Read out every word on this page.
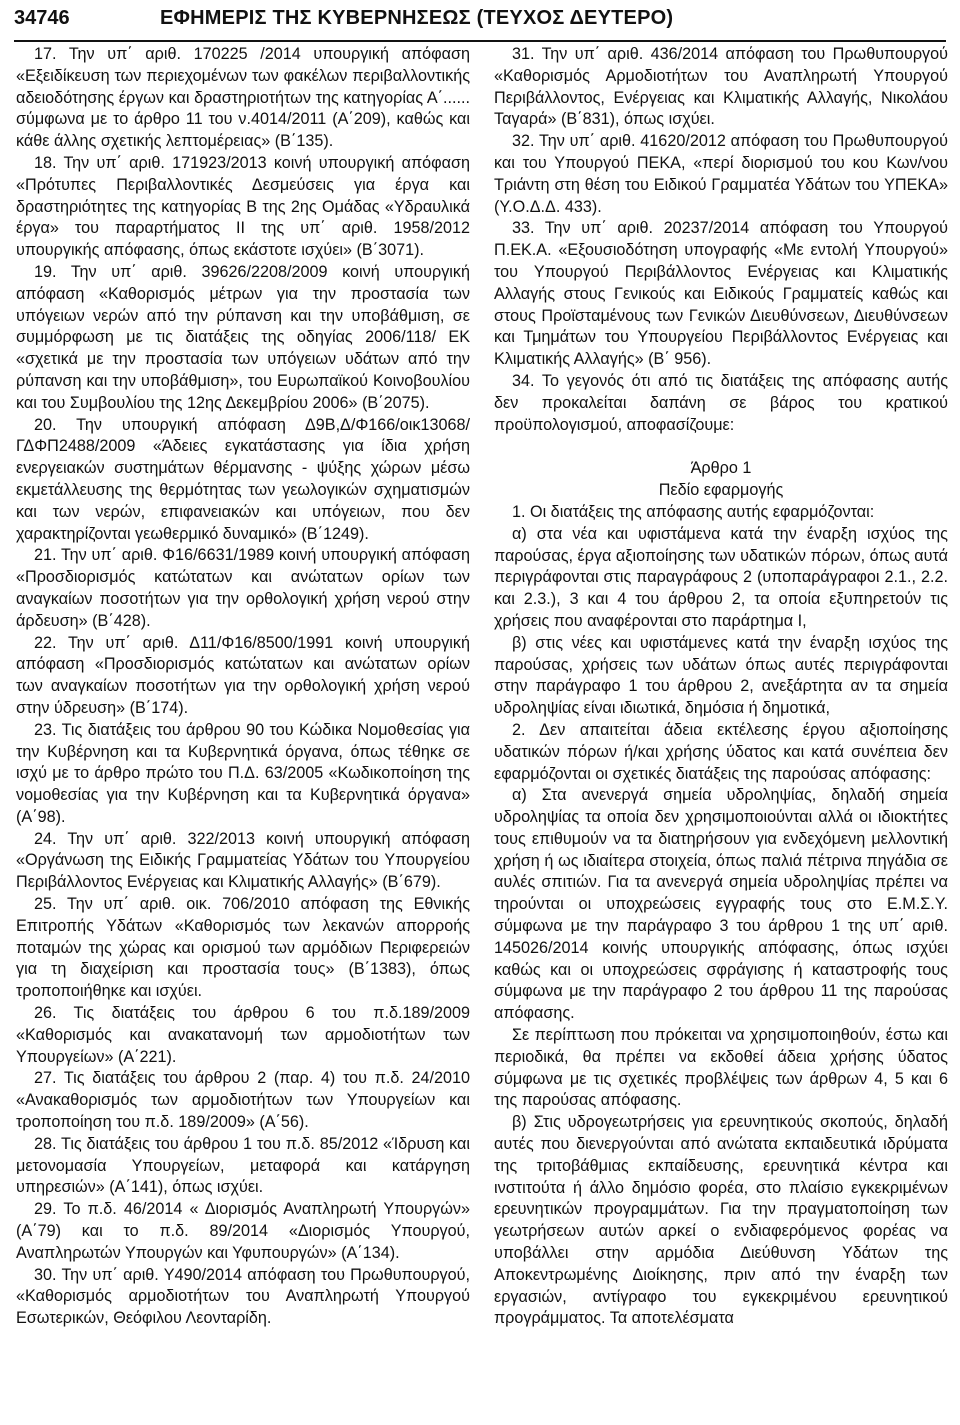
34746	ΕΦΗΜΕΡΙΣ ΤΗΣ ΚΥΒΕΡΝΗΣΕΩΣ (ΤΕΥΧΟΣ ΔΕΥΤΕΡΟ)

17. Την υπ΄ αριθ. 170225 /2014 υπουργική απόφαση «Εξειδίκευση των περιεχομένων των φακέλων περιβαλλοντικής αδειοδότησης έργων και δραστηριοτήτων της κατηγορίας Α΄...... σύμφωνα με το άρθρο 11 του ν.4014/2011 (Α΄209), καθώς και κάθε άλλης σχετικής λεπτομέρειας» (Β΄135).

18. Την υπ΄ αριθ. 171923/2013 κοινή υπουργική απόφαση «Πρότυπες Περιβαλλοντικές Δεσμεύσεις για έργα και δραστηριότητες της κατηγορίας Β της 2ης Ομάδας «Υδραυλικά έργα» του παραρτήματος ΙΙ της υπ΄ αριθ. 1958/2012 υπουργικής απόφασης, όπως εκάστοτε ισχύει» (Β΄3071).

19. Την υπ΄ αριθ. 39626/2208/2009 κοινή υπουργική απόφαση «Καθορισμός μέτρων για την προστασία των υπόγειων νερών από την ρύπανση και την υποβάθμιση, σε συμμόρφωση με τις διατάξεις της οδηγίας 2006/118/ ΕΚ «σχετικά με την προστασία των υπόγειων υδάτων από την ρύπανση και την υποβάθμιση», του Ευρωπαϊκού Κοινοβουλίου και του Συμβουλίου της 12ης Δεκεμβρίου 2006» (Β΄2075).

20. Την υπουργική απόφαση Δ9Β,Δ/Φ166/οικ13068/ ΓΔΦΠ2488/2009 «Άδειες εγκατάστασης για ίδια χρήση ενεργειακών συστημάτων θέρμανσης - ψύξης χώρων μέσω εκμετάλλευσης της θερμότητας των γεωλογικών σχηματισμών και των νερών, επιφανειακών και υπόγειων, που δεν χαρακτηρίζονται γεωθερμικό δυναμικό» (Β΄1249).

21. Την υπ΄ αριθ. Φ16/6631/1989 κοινή υπουργική απόφαση «Προσδιορισμός κατώτατων και ανώτατων ορίων των αναγκαίων ποσοτήτων για την ορθολογική χρήση νερού στην άρδευση» (Β΄428).

22. Την υπ΄ αριθ. Δ11/Φ16/8500/1991 κοινή υπουργική απόφαση «Προσδιορισμός κατώτατων και ανώτατων ορίων των αναγκαίων ποσοτήτων για την ορθολογική χρήση νερού στην ύδρευση» (Β΄174).

23. Τις διατάξεις του άρθρου 90 του Κώδικα Νομοθεσίας για την Κυβέρνηση και τα Κυβερνητικά όργανα, όπως τέθηκε σε ισχύ με το άρθρο πρώτο του Π.Δ. 63/2005 «Κωδικοποίηση της νομοθεσίας για την Κυβέρνηση και τα Κυβερνητικά όργανα» (Α΄98).

24. Την υπ΄ αριθ. 322/2013 κοινή υπουργική απόφαση «Οργάνωση της Ειδικής Γραμματείας Υδάτων του Υπουργείου Περιβάλλοντος Ενέργειας και Κλιματικής Αλλαγής» (Β΄679).

25. Την υπ΄ αριθ. οικ. 706/2010 απόφαση της Εθνικής Επιτροπής Υδάτων «Καθορισμός των λεκανών απορροής ποταμών της χώρας και ορισμού των αρμόδιων Περιφερειών για τη διαχείριση και προστασία τους» (Β΄1383), όπως τροποποιήθηκε και ισχύει.

26. Τις διατάξεις του άρθρου 6 του π.δ.189/2009 «Καθορισμός και ανακατανομή των αρμοδιοτήτων των Υπουργείων» (Α΄221).

27. Τις διατάξεις του άρθρου 2 (παρ. 4) του π.δ. 24/2010 «Ανακαθορισμός των αρμοδιοτήτων των Υπουργείων και τροποποίηση του π.δ. 189/2009» (Α΄56).

28. Τις διατάξεις του άρθρου 1 του π.δ. 85/2012 «Ίδρυση και μετονομασία Υπουργείων, μεταφορά και κατάργηση υπηρεσιών» (Α΄141), όπως ισχύει.

29. Το π.δ. 46/2014 « Διορισμός Αναπληρωτή Υπουργών» (Α΄79) και το π.δ. 89/2014 «Διορισμός Υπουργού, Αναπληρωτών Υπουργών και Υφυπουργών» (Α΄134).

30. Την υπ΄ αριθ. Υ490/2014 απόφαση του Πρωθυπουργού, «Καθορισμός αρμοδιοτήτων του Αναπληρωτή Υπουργού Εσωτερικών, Θεόφιλου Λεονταρίδη.

31. Την υπ΄ αριθ. 436/2014 απόφαση του Πρωθυπουργού «Καθορισμός Αρμοδιοτήτων του Αναπληρωτή Υπουργού Περιβάλλοντος, Ενέργειας και Κλιματικής Αλλαγής, Νικολάου Ταγαρά» (Β΄831), όπως ισχύει.

32. Την υπ΄ αριθ. 41620/2012 απόφαση του Πρωθυπουργού και του Υπουργού ΠΕΚΑ, «περί διορισμού του κου Κων/νου Τριάντη στη θέση του Ειδικού Γραμματέα Υδάτων του ΥΠΕΚΑ» (Υ.Ο.Δ.Δ. 433).

33. Την υπ΄ αριθ. 20237/2014 απόφαση του Υπουργού Π.ΕΚ.Α. «Εξουσιοδότηση υπογραφής «Με εντολή Υπουργού» του Υπουργού Περιβάλλοντος Ενέργειας και Κλιματικής Αλλαγής στους Γενικούς και Ειδικούς Γραμματείς καθώς και στους Προϊσταμένους των Γενικών Διευθύνσεων, Διευθύνσεων και Τμημάτων του Υπουργείου Περιβάλλοντος Ενέργειας και Κλιματικής Αλλαγής» (Β΄ 956).

34. Το γεγονός ότι από τις διατάξεις της απόφασης αυτής δεν προκαλείται δαπάνη σε βάρος του κρατικού προϋπολογισμού, αποφασίζουμε:

Άρθρο 1

Πεδίο εφαρμογής

1. Οι διατάξεις της απόφασης αυτής εφαρμόζονται:

α) στα νέα και υφιστάμενα κατά την έναρξη ισχύος της παρούσας, έργα αξιοποίησης των υδατικών πόρων, όπως αυτά περιγράφονται στις παραγράφους 2 (υποπαράγραφοι 2.1., 2.2. και 2.3.), 3 και 4 του άρθρου 2, τα οποία εξυπηρετούν τις χρήσεις που αναφέρονται στο παράρτημα Ι,

β) στις νέες και υφιστάμενες κατά την έναρξη ισχύος της παρούσας, χρήσεις των υδάτων όπως αυτές περιγράφονται στην παράγραφο 1 του άρθρου 2, ανεξάρτητα αν τα σημεία υδροληψίας είναι ιδιωτικά, δημόσια ή δημοτικά,

2. Δεν απαιτείται άδεια εκτέλεσης έργου αξιοποίησης υδατικών πόρων ή/και χρήσης ύδατος και κατά συνέπεια δεν εφαρμόζονται οι σχετικές διατάξεις της παρούσας απόφασης:

α) Στα ανενεργά σημεία υδροληψίας, δηλαδή σημεία υδροληψίας τα οποία δεν χρησιμοποιούνται αλλά οι ιδιοκτήτες τους επιθυμούν να τα διατηρήσουν για ενδεχόμενη μελλοντική χρήση ή ως ιδιαίτερα στοιχεία, όπως παλιά πέτρινα πηγάδια σε αυλές σπιτιών. Για τα ανενεργά σημεία υδροληψίας πρέπει να τηρούνται οι υποχρεώσεις εγγραφής τους στο Ε.Μ.Σ.Υ. σύμφωνα με την παράγραφο 3 του άρθρου 1 της υπ΄ αριθ. 145026/2014 κοινής υπουργικής απόφασης, όπως ισχύει καθώς και οι υποχρεώσεις σφράγισης ή καταστροφής τους σύμφωνα με την παράγραφο 2 του άρθρου 11 της παρούσας απόφασης.

Σε περίπτωση που πρόκειται να χρησιμοποιηθούν, έστω και περιοδικά, θα πρέπει να εκδοθεί άδεια χρήσης ύδατος σύμφωνα με τις σχετικές προβλέψεις των άρθρων 4, 5 και 6 της παρούσας απόφασης.

β) Στις υδρογεωτρήσεις για ερευνητικούς σκοπούς, δηλαδή αυτές που διενεργούνται από ανώτατα εκπαιδευτικά ιδρύματα της τριτοβάθμιας εκπαίδευσης, ερευνητικά κέντρα και ινστιτούτα ή άλλο δημόσιο φορέα, στο πλαίσιο εγκεκριμένων ερευνητικών προγραμμάτων. Για την πραγματοποίηση των γεωτρήσεων αυτών αρκεί ο ενδιαφερόμενος φορέας να υποβάλλει στην αρμόδια Διεύθυνση Υδάτων της Αποκεντρωμένης Διοίκησης, πριν από την έναρξη των εργασιών, αντίγραφο του εγκεκριμένου ερευνητικού προγράμματος. Τα αποτελέσματα
